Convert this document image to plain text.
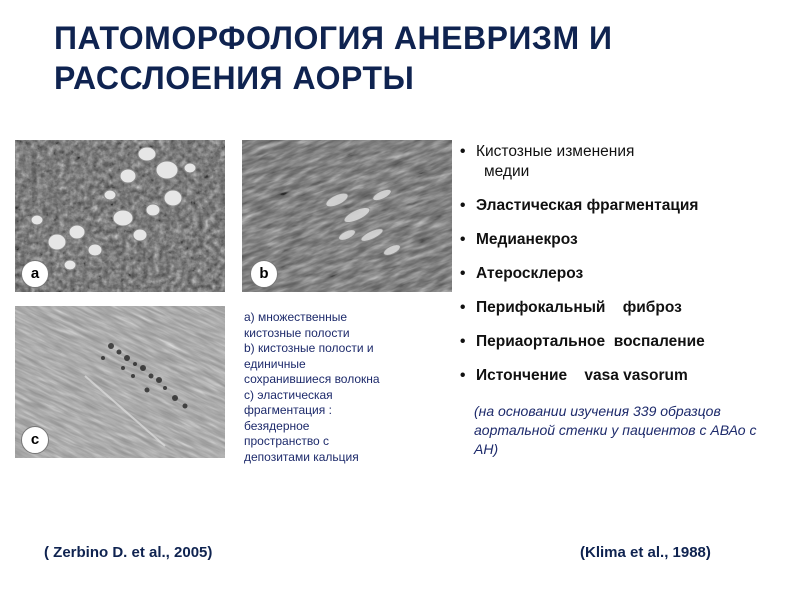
ПАТОМОРФОЛОГИЯ АНЕВРИЗМ И
РАССЛОЕНИЯ АОРТЫ
a	b
c
a) множественные
кистозные полости
b) кистозные полости и
единичные
сохранившиеся волокна
c) эластическая
фрагментация :
безядерное
пространство с
депозитами кальция
• Кистозные изменения
медии
• Эластическая фрагментация
• Медианекроз
• Атеросклероз
• Перифокальный    фиброз
• Периаортальное  воспаление
• Истончение    vasa vasorum
(на основании изучения 339 образцов аортальной стенки у пациентов с АВАо с АН)
( Zerbino D. et al., 2005)	(Klima et al., 1988)
